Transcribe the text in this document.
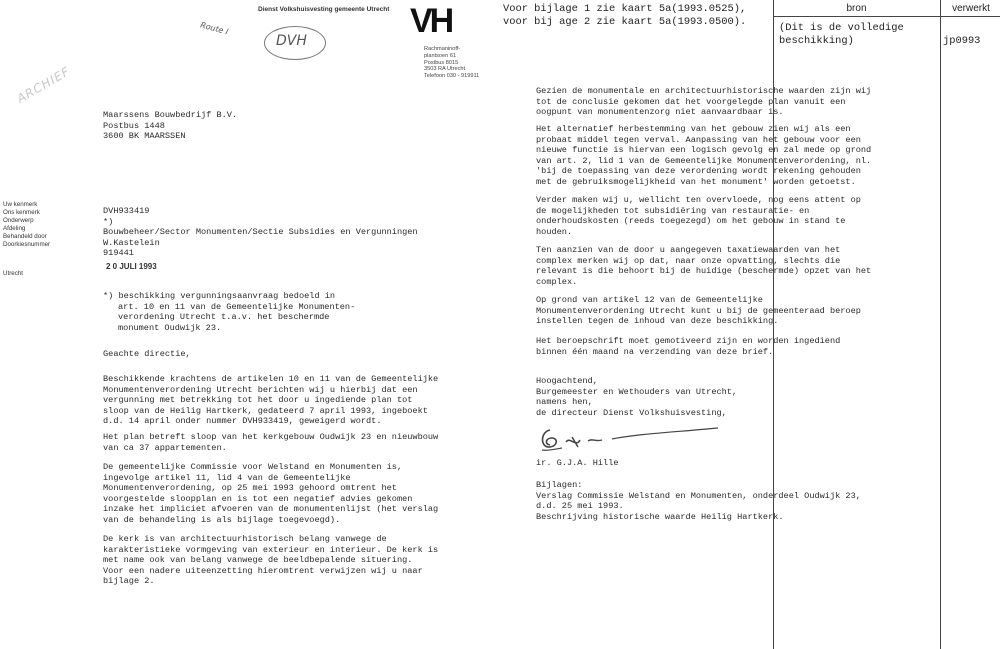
Dienst Volkshuisvesting gemeente Utrecht VH
Rachmaninoff-
plantsoen 61
Postbus 8015
3503 RA Utrecht
Telefoon 030 - 919911
Route I
DVH
ARCHIEF
Maarssens Bouwbedrijf B.V.
Postbus 1448
3600 BK MAARSSEN
Uw kenmerk
Ons kenmerk
Onderwerp
Afdeling
Behandeld door
Doorkiesnummer
Utrecht
DVH933419
*)
Bouwbeheer/Sector Monumenten/Sectie Subsidies en Vergunningen
W.Kastelein
919441
2 0 JULI 1993
*) beschikking vergunningsaanvraag bedoeld in
art. 10 en 11 van de Gemeentelijke Monumenten-
verordening Utrecht t.a.v. het beschermde
monument Oudwijk 23.
Geachte directie,
Beschikkende krachtens de artikelen 10 en 11 van de Gemeentelijke
Monumentenverordening Utrecht berichten wij u hierbij dat een
vergunning met betrekking tot het door u ingediende plan tot
sloop van de Heilig Hartkerk, gedateerd 7 april 1993, ingeboekt
d.d. 14 april onder nummer DVH933419, geweigerd wordt.
Het plan betreft sloop van het kerkgebouw Oudwijk 23 en nieuwbouw
van ca 37 appartementen.
De gemeentelijke Commissie voor Welstand en Monumenten is,
ingevolge artikel 11, lid 4 van de Gemeentelijke
Monumentenverordening, op 25 mei 1993 gehoord omtrent het
voorgestelde sloopplan en is tot een negatief advies gekomen
inzake het impliciet afvoeren van de monumentenlijst (het verslag
van de behandeling is als bijlage toegevoegd).
De kerk is van architectuurhistorisch belang vanwege de
karakteristieke vormgeving van exterieur en interieur. De kerk is
met name ook van belang vanwege de beeldbepalende situering.
Voor een nadere uiteenzetting hieromtrent verwijzen wij u naar
bijlage 2.
Voor bijlage 1 zie kaart 5a(1993.0525),
voor bij age 2 zie kaart 5a(1993.0500).
bron	verwerkt
(Dit is de volledige
beschikking)	jp0993
Gezien de monumentale en architectuurhistorische waarden zijn wij
tot de conclusie gekomen dat het voorgelegde plan vanuit een
oogpunt van monumentenzorg niet aanvaardbaar is.
Het alternatief herbestemming van het gebouw zien wij als een
probaat middel tegen verval. Aanpassing van het gebouw voor een
nieuwe functie is hiervan een logisch gevolg en zal mede op grond
van art. 2, lid 1 van de Gemeentelijke Monumentenverordening, nl.
'bij de toepassing van deze verordening wordt rekening gehouden
met de gebruiksmogelijkheid van het monument' worden getoetst.
Verder maken wij u, wellicht ten overvloede, nog eens attent op
de mogelijkheden tot subsidiëring van restauratie- en
onderhoudskosten (reeds toegezegd) om het gebouw in stand te
houden.
Ten aanzien van de door u aangegeven taxatiewaarden van het
complex merken wij op dat, naar onze opvatting, slechts die
relevant is die behoort bij de huidige (beschermde) opzet van het
complex.
Op grond van artikel 12 van de Gemeentelijke
Monumentenverordening Utrecht kunt u bij de gemeenteraad beroep
instellen tegen de inhoud van deze beschikking.
Het beroepschrift moet gemotiveerd zijn en worden ingediend
binnen één maand na verzending van deze brief.
Hoogachtend,
Burgemeester en Wethouders van Utrecht,
namens hen,
de directeur Dienst Volkshuisvesting,
ir. G.J.A. Hille
Bijlagen:
Verslag Commissie Welstand en Monumenten, onderdeel Oudwijk 23,
d.d. 25 mei 1993.
Beschrijving historische waarde Heilig Hartkerk.
